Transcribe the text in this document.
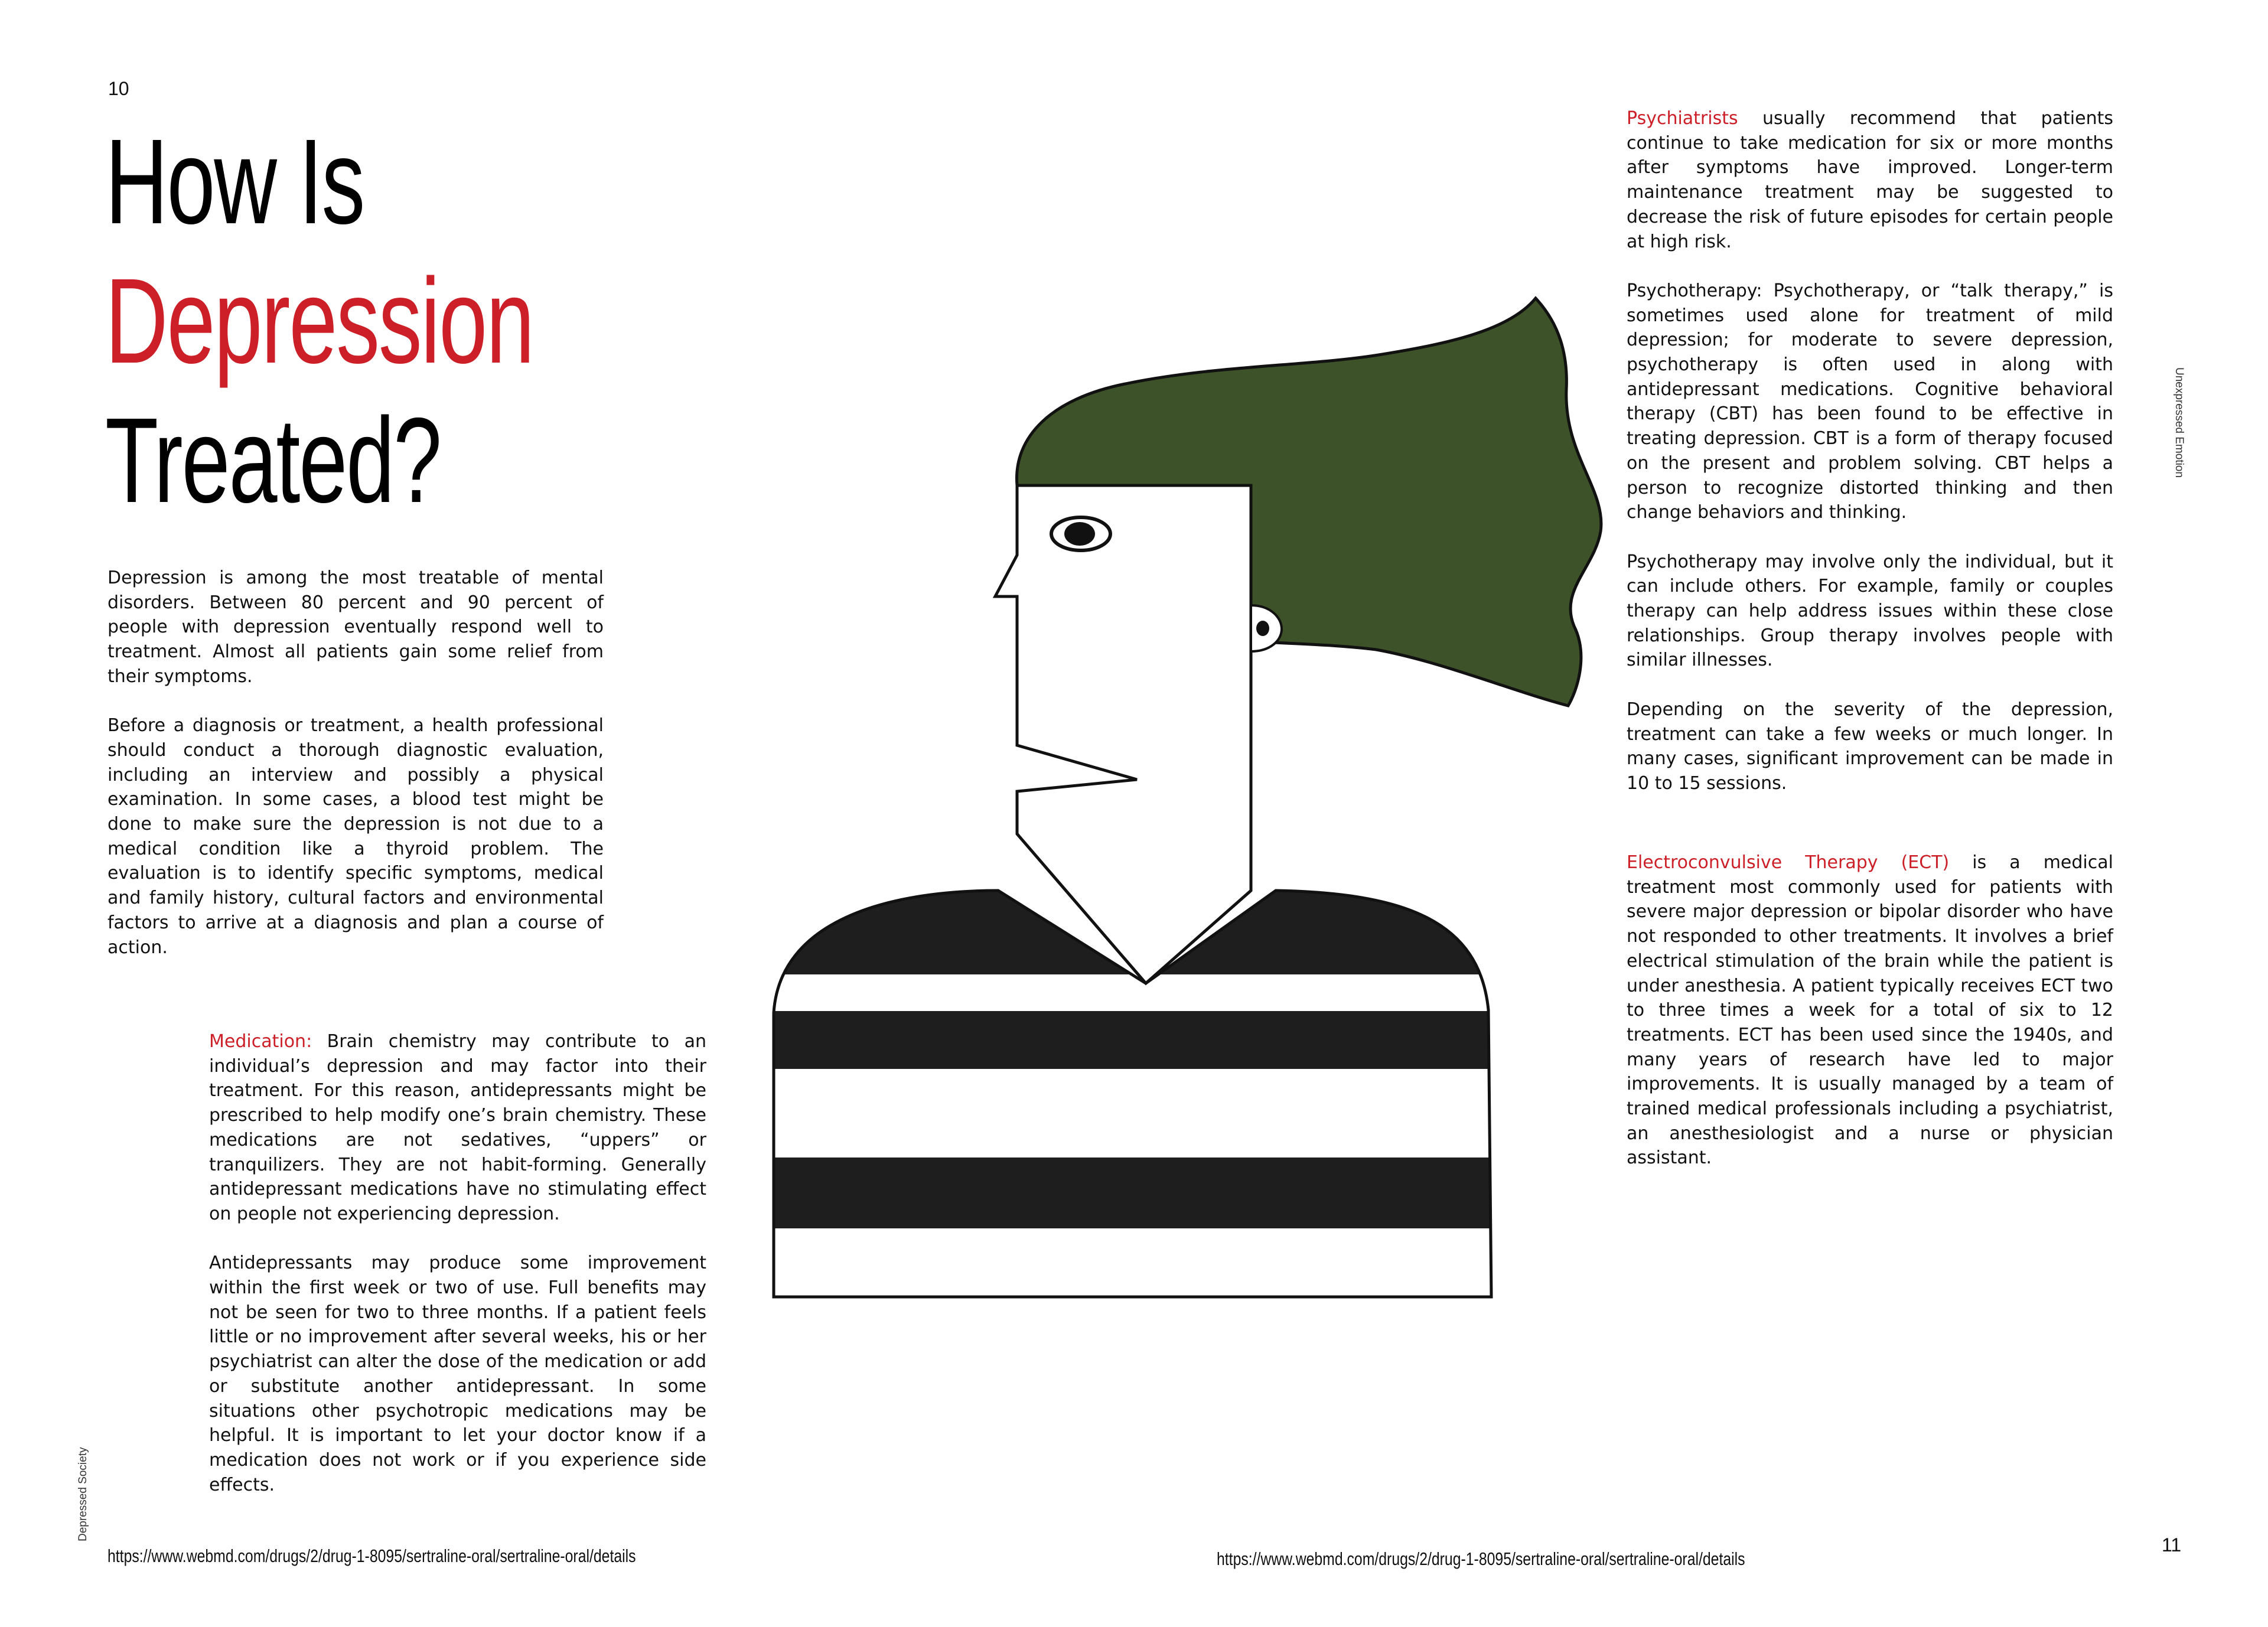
10
11
How Is
Depression
Treated?

Depression is among the most treatable of mental disorders. Between 80 percent and 90 percent of people with depression eventually respond well to treatment. Almost all patients gain some relief from their symptoms.

Before a diagnosis or treatment, a health professional should conduct a thorough diagnostic evaluation, including an interview and possibly a physical examination. In some cases, a blood test might be done to make sure the depression is not due to a medical condition like a thyroid problem. The evaluation is to identify specific symptoms, medical and family history, cultural factors and environmental factors to arrive at a diagnosis and plan a course of action.

Medication: Brain chemistry may contribute to an individual’s depression and may factor into their treatment. For this reason, antidepressants might be prescribed to help modify one’s brain chemistry. These medications are not sedatives, “uppers” or tranquilizers. They are not habit-forming. Generally antidepressant medications have no stimulating effect on people not experiencing depression.

Antidepressants may produce some improvement within the first week or two of use. Full benefits may not be seen for two to three months. If a patient feels little or no improvement after several weeks, his or her psychiatrist can alter the dose of the medication or add or substitute another antidepressant. In some situations other psychotropic medications may be helpful. It is important to let your doctor know if a medication does not work or if you experience side effects.

Psychiatrists usually recommend that patients continue to take medication for six or more months after symptoms have improved. Longer-term maintenance treatment may be suggested to decrease the risk of future episodes for certain people at high risk.

Psychotherapy: Psychotherapy, or “talk therapy,” is sometimes used alone for treatment of mild depression; for moderate to severe depression, psychotherapy is often used in along with antidepressant medications. Cognitive behavioral therapy (CBT) has been found to be effective in treating depression. CBT is a form of therapy focused on the present and problem solving. CBT helps a person to recognize distorted thinking and then change behaviors and thinking.

Psychotherapy may involve only the individual, but it can include others. For example, family or couples therapy can help address issues within these close relationships. Group therapy involves people with similar illnesses.

Depending on the severity of the depression, treatment can take a few weeks or much longer. In many cases, significant improvement can be made in 10 to 15 sessions.

Electroconvulsive Therapy (ECT) is a medical treatment most commonly used for patients with severe major depression or bipolar disorder who have not responded to other treatments. It involves a brief electrical stimulation of the brain while the patient is under anesthesia. A patient typically receives ECT two to three times a week for a total of six to 12 treatments. ECT has been used since the 1940s, and many years of research have led to major improvements. It is usually managed by a team of trained medical professionals including a psychiatrist, an anesthesiologist and a nurse or physician assistant.

https://www.webmd.com/drugs/2/drug-1-8095/sertraline-oral/sertraline-oral/details	https://www.webmd.com/drugs/2/drug-1-8095/sertraline-oral/sertraline-oral/details
Depressed Society
Unexpressed Emotion
